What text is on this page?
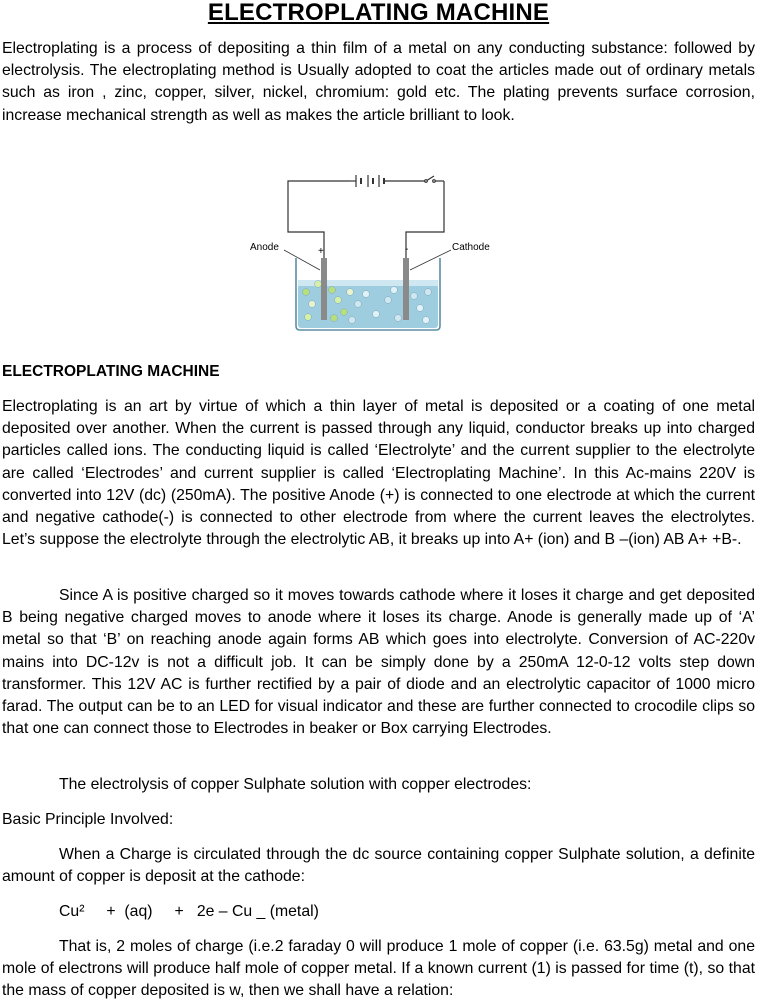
ELECTROPLATING MACHINE

Electroplating is a process of depositing a thin film of a metal on any conducting substance: followed by electrolysis. The electroplating method is Usually adopted to coat the articles made out of ordinary metals such as iron , zinc, copper, silver, nickel, chromium: gold etc. The plating prevents surface corrosion, increase mechanical strength as well as makes the article brilliant to look.

+	-
Anode	Cathode
ELECTROPLATING MACHINE

Electroplating is an art by virtue of which a thin layer of metal is deposited or a coating of one metal deposited over another. When the current is passed through any liquid, conductor breaks up into charged particles called ions. The conducting liquid is called ‘Electrolyte’ and the current supplier to the electrolyte are called ‘Electrodes’ and current supplier is called ‘Electroplating Machine’. In this Ac-mains 220V is converted into 12V (dc) (250mA). The positive Anode (+) is connected to one electrode at which the current and negative cathode(-) is connected to other electrode from where the current leaves the electrolytes. Let’s suppose the electrolyte through the electrolytic AB, it breaks up into A+ (ion) and B –(ion) AB A+ +B-.

Since A is positive charged so it moves towards cathode where it loses it charge and get deposited B being negative charged moves to anode where it loses its charge. Anode is generally made up of ‘A’ metal so that ‘B’ on reaching anode again forms AB which goes into electrolyte. Conversion of AC-220v mains into DC-12v is not a difficult job. It can be simply done by a 250mA 12-0-12 volts step down transformer. This 12V AC is further rectified by a pair of diode and an electrolytic capacitor of 1000 micro farad. The output can be to an LED for visual indicator and these are further connected to crocodile clips so that one can connect those to Electrodes in beaker or Box carrying Electrodes.

The electrolysis of copper Sulphate solution with copper electrodes:
Basic Principle Involved:

When a Charge is circulated through the dc source containing copper Sulphate solution, a definite amount of copper is deposit at the cathode:

Cu²     +  (aq)     +   2e – Cu _ (metal)

That is, 2 moles of charge (i.e.2 faraday 0 will produce 1 mole of copper (i.e. 63.5g) metal and one mole of electrons will produce half mole of copper metal. If a known current (1) is passed for time (t), so that the mass of copper deposited is w, then we shall have a relation:
